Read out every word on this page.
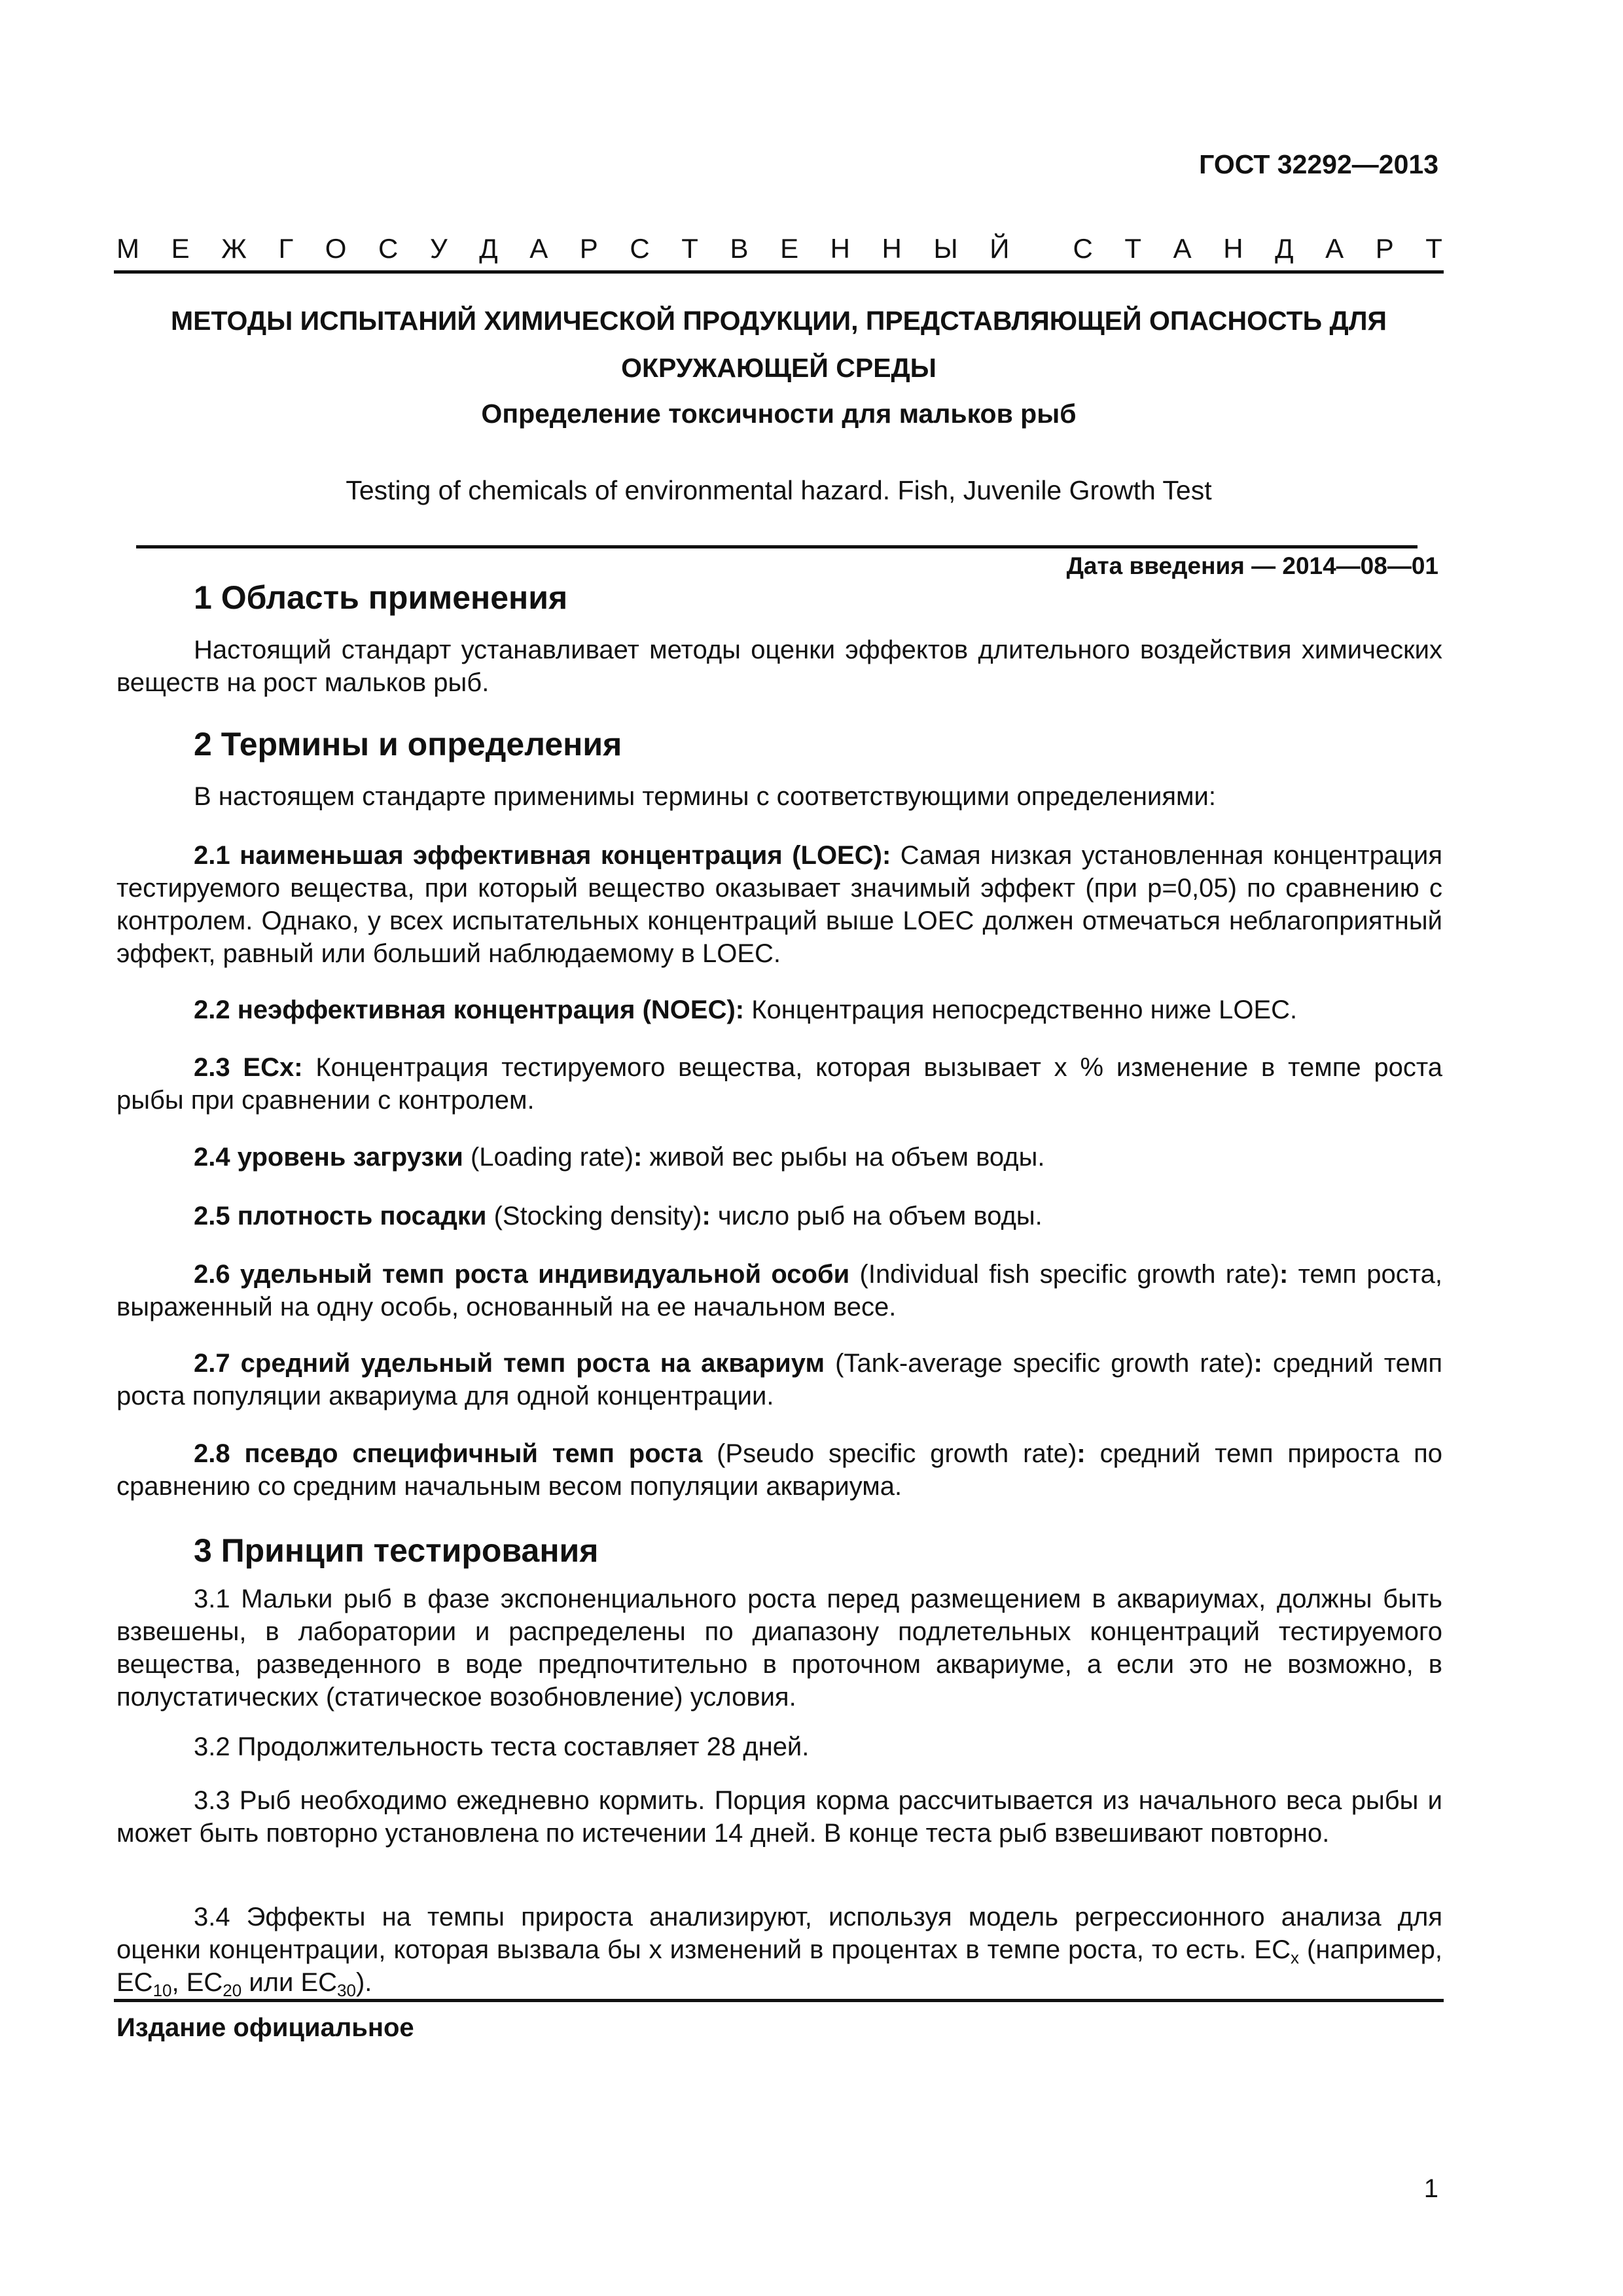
ГОСТ 32292—2013
М Е Ж Г О С У Д А Р С Т В Е Н Н Ы Й С Т А Н Д А Р Т
МЕТОДЫ ИСПЫТАНИЙ ХИМИЧЕСКОЙ ПРОДУКЦИИ, ПРЕДСТАВЛЯЮЩЕЙ ОПАСНОСТЬ ДЛЯ
ОКРУЖАЮЩЕЙ СРЕДЫ
Определение токсичности для мальков рыб
Testing of chemicals of environmental hazard. Fish, Juvenile Growth Test
Дата введения — 2014—08—01
1 Область применения
Настоящий стандарт устанавливает методы оценки эффектов длительного воздействия химических веществ на рост мальков рыб.
2 Термины и определения
В настоящем стандарте применимы термины с соответствующими определениями:
2.1 наименьшая эффективная концентрация (LOEC): Самая низкая установленная концентрация тестируемого вещества, при который вещество оказывает значимый эффект (при р=0,05) по сравнению с контролем. Однако, у всех испытательных концентраций выше LOEC должен отмечаться неблагоприятный эффект, равный или больший наблюдаемому в LOEC.
2.2 неэффективная концентрация (NOEC): Концентрация непосредственно ниже LOEC.
2.3 ECx: Концентрация тестируемого вещества, которая вызывает х % изменение в темпе роста рыбы при сравнении с контролем.
2.4 уровень загрузки (Loading rate): живой вес рыбы на объем воды.
2.5 плотность посадки (Stocking density): число рыб на объем воды.
2.6 удельный темп роста индивидуальной особи (Individual fish specific growth rate): темп роста, выраженный на одну особь, основанный на ее начальном весе.
2.7 средний удельный темп роста на аквариум (Tank-average specific growth rate): средний темп роста популяции аквариума для одной концентрации.
2.8 псевдо специфичный темп роста (Pseudo specific growth rate): средний темп прироста по сравнению со средним начальным весом популяции аквариума.
3 Принцип тестирования
3.1 Мальки рыб в фазе экспоненциального роста перед размещением в аквариумах, должны быть взвешены, в лаборатории и распределены по диапазону подлетельных концентраций тестируемого вещества, разведенного в воде предпочтительно в проточном аквариуме, а если это не возможно, в полустатических (статическое возобновление) условия.
3.2 Продолжительность теста составляет 28 дней.
3.3 Рыб необходимо ежедневно кормить. Порция корма рассчитывается из начального веса рыбы и может быть повторно установлена по истечении 14 дней. В конце теста рыб взвешивают повторно.
3.4 Эффекты на темпы прироста анализируют, используя модель регрессионного анализа для оценки концентрации, которая вызвала бы х изменений в процентах в темпе роста, то есть. $EC_x$ (например, $EC_{10}$, $EC_{20}$ или $EC_{30}$).
Издание официальное
1
